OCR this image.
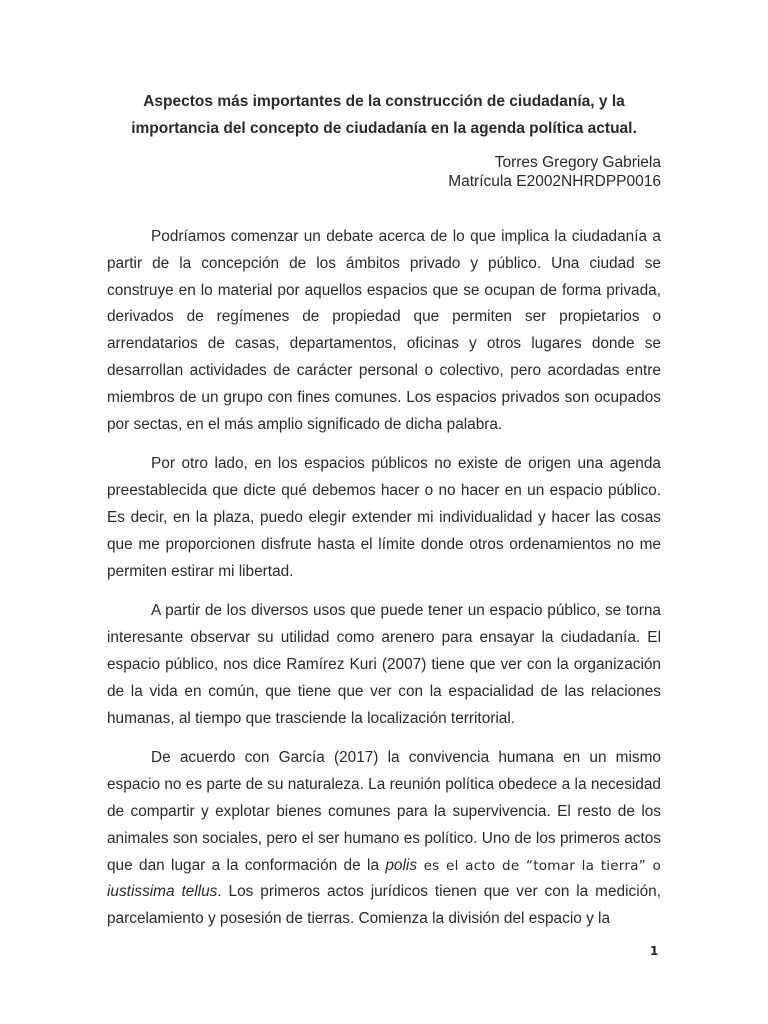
Aspectos más importantes de la construcción de ciudadanía, y la
importancia del concepto de ciudadanía en la agenda política actual.
Torres Gregory Gabriela
Matrícula E2002NHRDPP0016

Podríamos comenzar un debate acerca de lo que implica la ciudadanía a partir de la concepción de los ámbitos privado y público. Una ciudad se construye en lo material por aquellos espacios que se ocupan de forma privada, derivados de regímenes de propiedad que permiten ser propietarios o arrendatarios de casas, departamentos, oficinas y otros lugares donde se desarrollan actividades de carácter personal o colectivo, pero acordadas entre miembros de un grupo con fines comunes. Los espacios privados son ocupados por sectas, en el más amplio significado de dicha palabra.

Por otro lado, en los espacios públicos no existe de origen una agenda preestablecida que dicte qué debemos hacer o no hacer en un espacio público. Es decir, en la plaza, puedo elegir extender mi individualidad y hacer las cosas que me proporcionen disfrute hasta el límite donde otros ordenamientos no me permiten estirar mi libertad.

A partir de los diversos usos que puede tener un espacio público, se torna interesante observar su utilidad como arenero para ensayar la ciudadanía. El espacio público, nos dice Ramírez Kuri (2007) tiene que ver con la organización de la vida en común, que tiene que ver con la espacialidad de las relaciones humanas, al tiempo que trasciende la localización territorial.

De acuerdo con García (2017) la convivencia humana en un mismo espacio no es parte de su naturaleza. La reunión política obedece a la necesidad de compartir y explotar bienes comunes para la supervivencia. El resto de los animales son sociales, pero el ser humano es político. Uno de los primeros actos que dan lugar a la conformación de la polis es el acto de “tomar la tierra” o iustissima tellus. Los primeros actos jurídicos tienen que ver con la medición, parcelamiento y posesión de tierras. Comienza la división del espacio y la

1
